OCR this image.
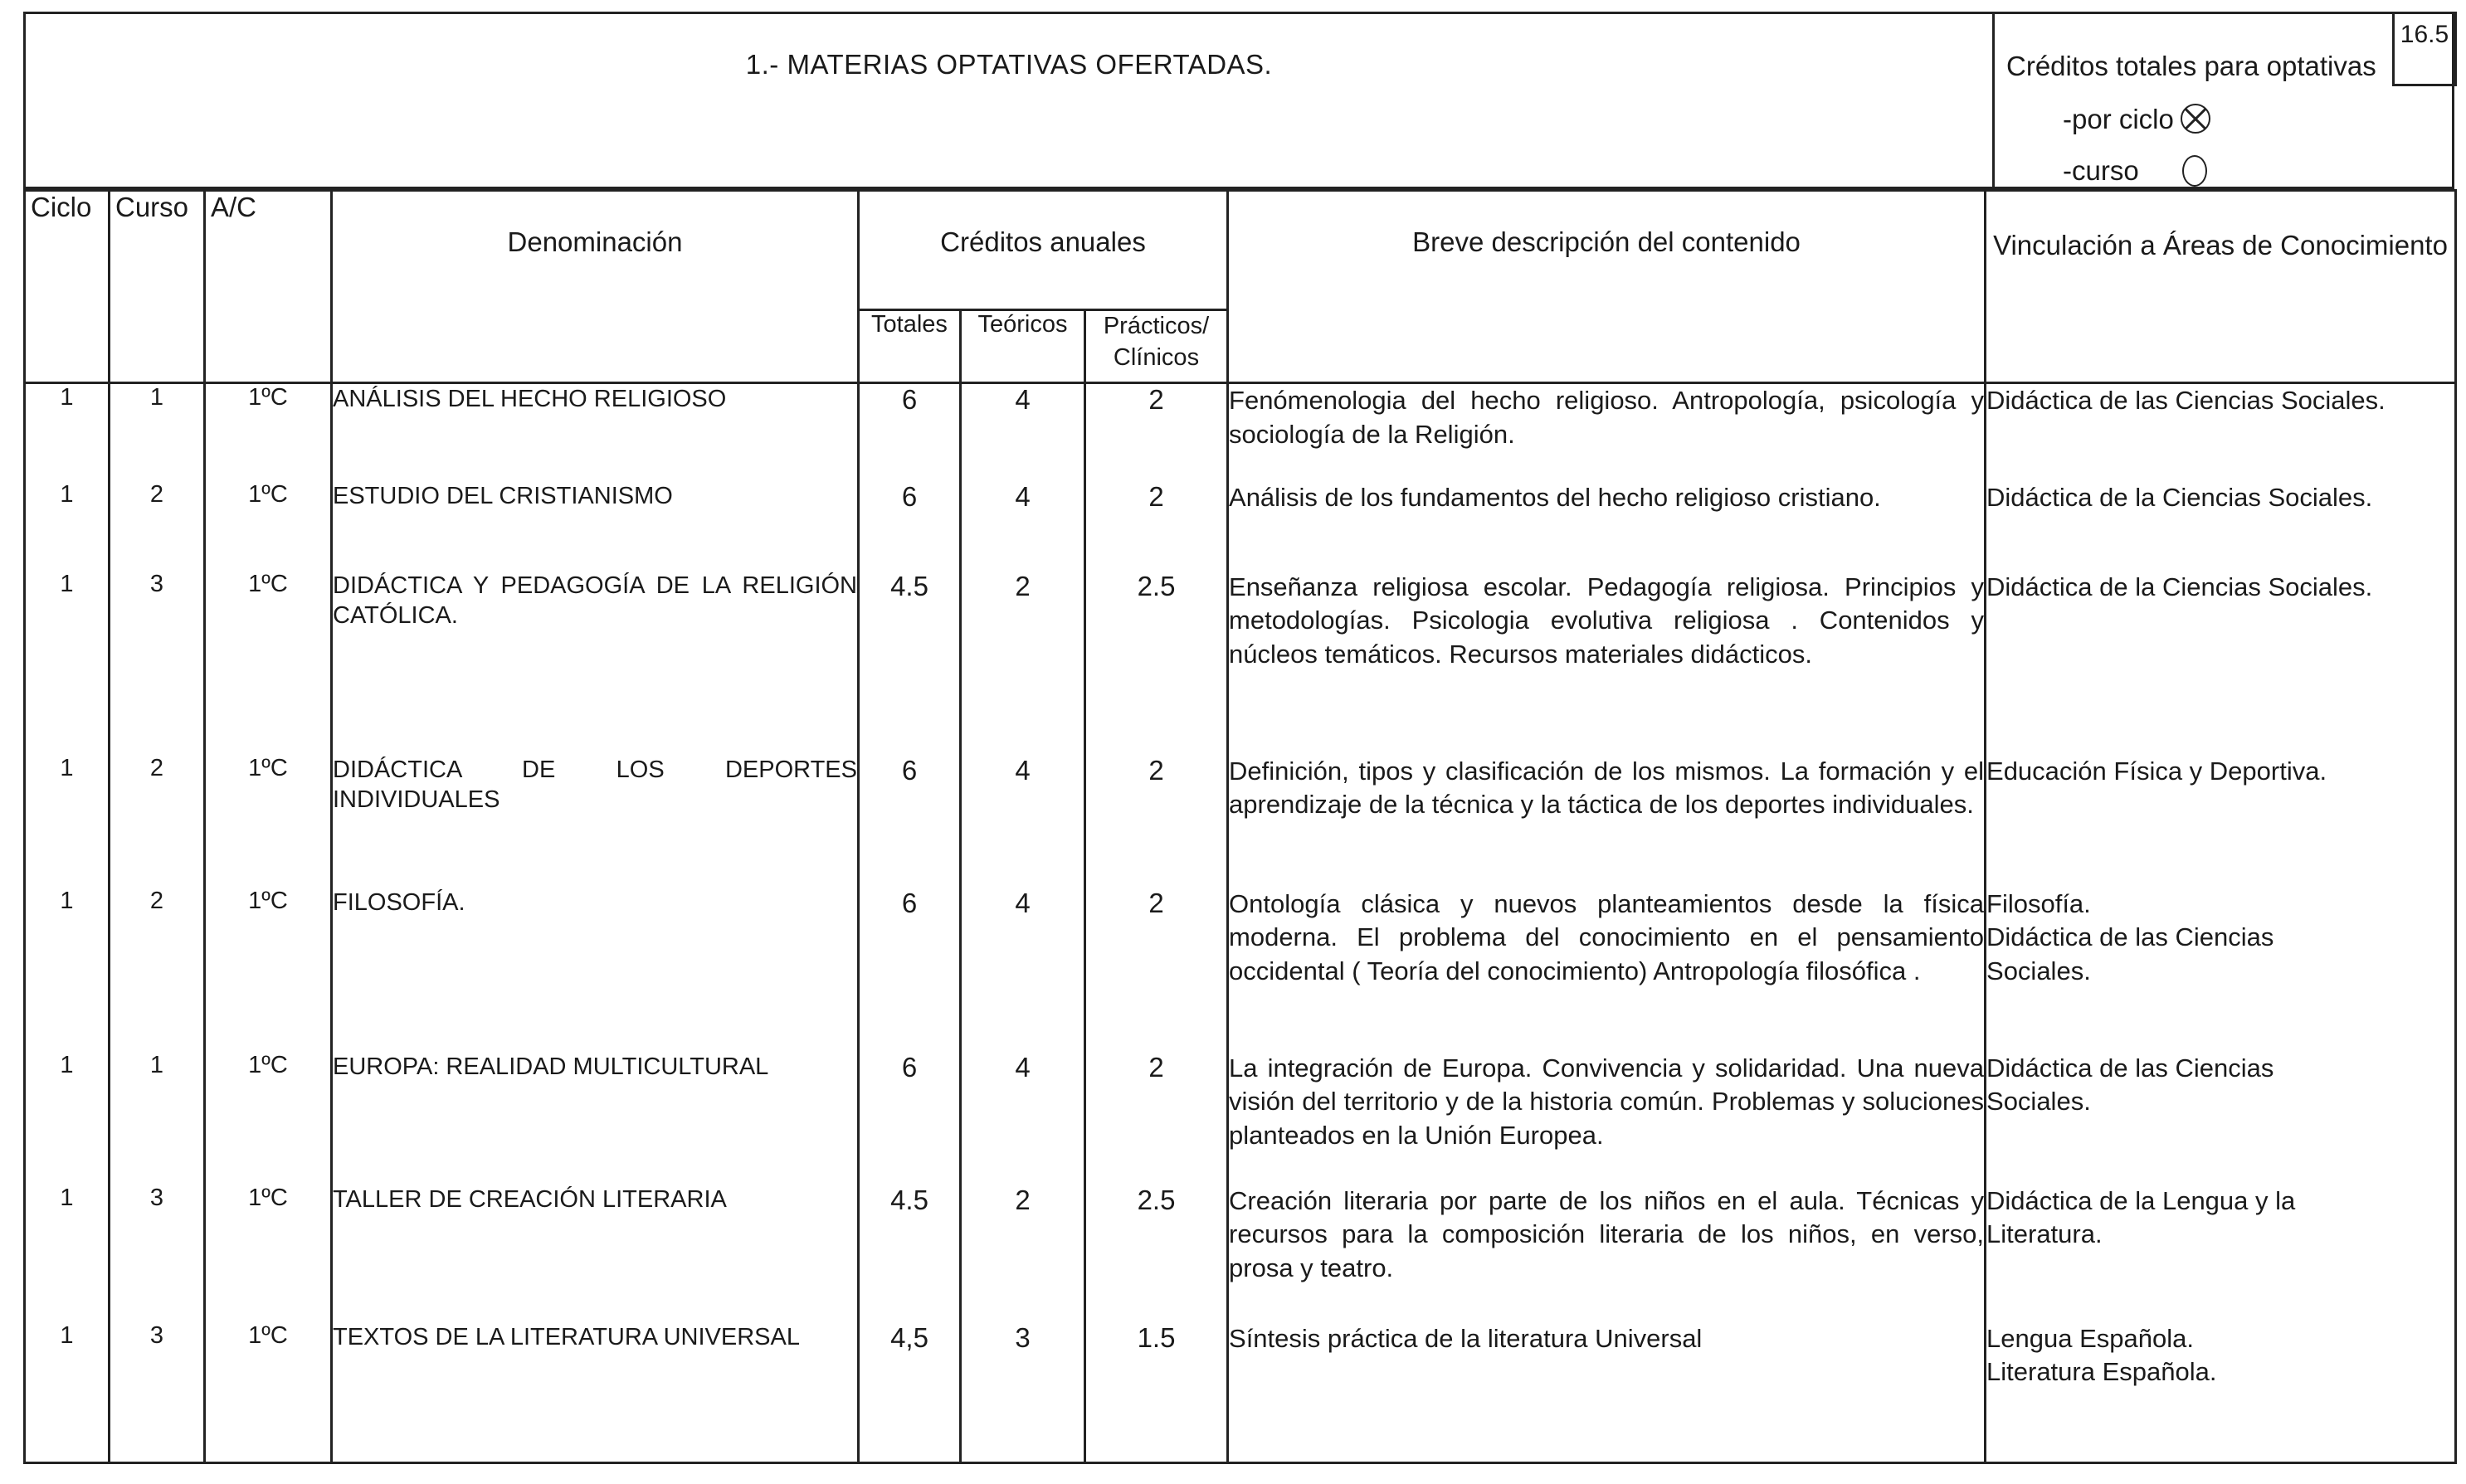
1.- MATERIAS OPTATIVAS OFERTADAS.	Créditos totales para optativas
16.5
-por ciclo
-curso
Ciclo	Curso	A/C	Denominación	Créditos anuales			Breve descripción del contenido	Vinculación a Áreas de Conocimiento
				Totales	Teóricos	Prácticos/ Clínicos		
1	1	1ºC	ANÁLISIS DEL HECHO RELIGIOSO	6	4	2	Fenómenologia del hecho religioso. Antropología, psicología y sociología de la Religión.	Didáctica de las Ciencias Sociales.

1	2	1ºC	ESTUDIO DEL CRISTIANISMO	6	4	2	Análisis de los fundamentos del hecho religioso cristiano.	Didáctica de la Ciencias Sociales.

1	3	1ºC	DIDÁCTICA Y PEDAGOGÍA DE LA RELIGIÓN CATÓLICA.	4.5	2	2.5	Enseñanza religiosa escolar. Pedagogía religiosa. Principios y metodologías. Psicologia evolutiva religiosa . Contenidos y núcleos temáticos. Recursos materiales didácticos.	Didáctica de la Ciencias Sociales.

1	2	1ºC	DIDÁCTICA DE LOS DEPORTES INDIVIDUALES	6	4	2	Definición, tipos y clasificación de los mismos. La formación y el aprendizaje de la técnica y la táctica de los deportes individuales.	Educación Física y Deportiva.

1	2	1ºC	FILOSOFÍA.	6	4	2	Ontología clásica y nuevos planteamientos desde la física moderna. El problema del conocimiento en el pensamiento occidental ( Teoría del conocimiento) Antropología filosófica .	Filosofía.
Didáctica de las Ciencias
Sociales.

1	1	1ºC	EUROPA: REALIDAD MULTICULTURAL	6	4	2	La integración de Europa. Convivencia y solidaridad. Una nueva visión del territorio y de la historia común. Problemas y soluciones planteados en la Unión Europea.	Didáctica de las Ciencias
Sociales.

1	3	1ºC	TALLER DE CREACIÓN LITERARIA	4.5	2	2.5	Creación literaria por parte de los niños en el aula. Técnicas y recursos para la composición literaria de los niños, en verso, prosa y teatro.	Didáctica de la Lengua y la
Literatura.

1	3	1ºC	TEXTOS DE LA LITERATURA UNIVERSAL	4,5	3	1.5	Síntesis práctica de la literatura Universal	Lengua Española.
Literatura Española.
